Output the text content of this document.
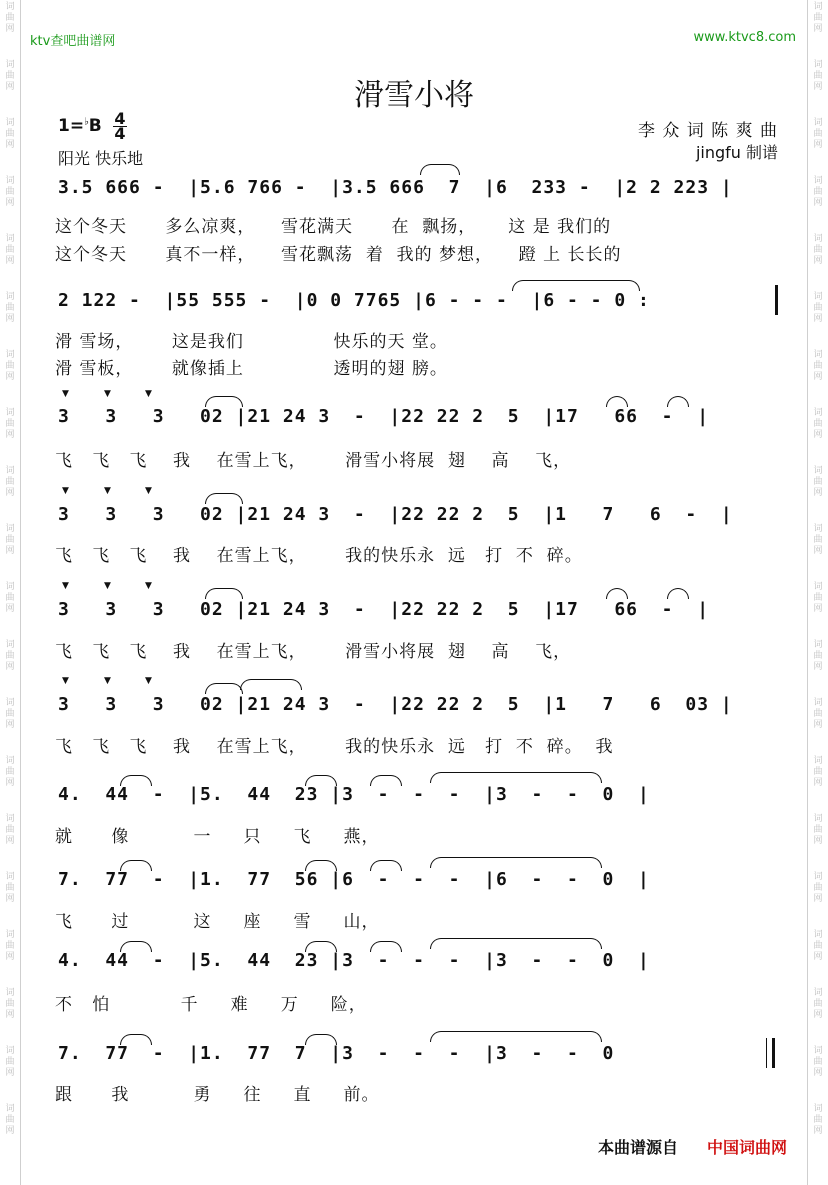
词
曲
网
词
曲
网
词
曲
网
词
曲
网
词
曲
网
词
曲
网
词
曲
网
词
曲
网
词
曲
网
词
曲
网
词
曲
网
词
曲
网
词
曲
网
词
曲
网
词
曲
网
词
曲
网
词
曲
网
词
曲
网
词
曲
网
词
曲
网
词
曲
网
词
曲
网
词
曲
网
词
曲
网
词
曲
网
词
曲
网
词
曲
网
词
曲
网
词
曲
网
词
曲
网
词
曲
网
词
曲
网
词
曲
网
词
曲
网
词
曲
网
词
曲
网
词
曲
网
词
曲
网
词
曲
网
词
曲
网
ktv查吧曲谱网	www.ktvc8.com
滑雪小将
1=♭B 4
4
阳光 快乐地
李 众 词 陈 爽 曲
jingfu 制谱
3.5 666 -  |5.6 766 -  |3.5 666  7  |6  233 -  |2 2 223 |
这个冬天      多么凉爽，    雪花满天      在  飘扬，     这 是 我们的
这个冬天      真不一样，    雪花飘荡  着  我的 梦想，    蹬 上 长长的
2 122 -  |55 555 -  |0 0 7765 |6 - - -  |6 - - 0 :
滑 雪场，      这是我们              快乐的天 堂。
滑 雪板，      就像插上              透明的翅 膀。
3   3   3   02 |21 24 3  -  |22 22 2  5  |17   66  -  |
飞   飞   飞    我    在雪上飞，      滑雪小将展  翅    高    飞，
▼	▼	▼
3   3   3   02 |21 24 3  -  |22 22 2  5  |1   7   6  -  |
飞   飞   飞    我    在雪上飞，      我的快乐永  远   打  不  碎。
▼	▼	▼
3   3   3   02 |21 24 3  -  |22 22 2  5  |17   66  -  |
飞   飞   飞    我    在雪上飞，      滑雪小将展  翅    高    飞，
▼	▼	▼
3   3   3   02 |21 24 3  -  |22 22 2  5  |1   7   6  03 |
飞   飞   飞    我    在雪上飞，      我的快乐永  远   打  不  碎。  我
▼	▼	▼
4.  44  -  |5.  44  23 |3  -  -  -  |3  -  -  0  |
就      像          一     只     飞     燕，
7.  77  -  |1.  77  56 |6  -  -  -  |6  -  -  0  |
飞      过          这     座     雪     山，
4.  44  -  |5.  44  23 |3  -  -  -  |3  -  -  0  |
不   怕           千     难     万     险，
7.  77  -  |1.  77  7  |3  -  -  -  |3  -  -  0
跟      我          勇     往     直     前。
本曲谱源自 中国词曲网
